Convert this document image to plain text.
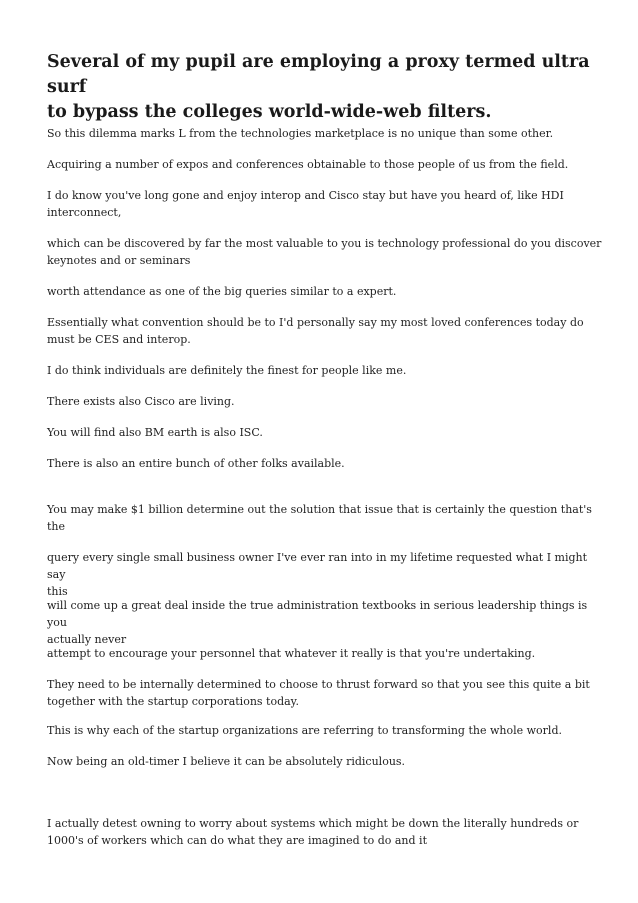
Several of my pupil are employing a proxy termed ultra surf
to bypass the colleges world-wide-web filters.
So this dilemma marks L from the technologies marketplace is no unique than some other.
Acquiring a number of expos and conferences obtainable to those people of us from the field.
I do know you've long gone and enjoy interop and Cisco stay but have you heard of, like HDI
interconnect,
which can be discovered by far the most valuable to you is technology professional do you discover
keynotes and or seminars
worth attendance as one of the big queries similar to a expert.
Essentially what convention should be to I'd personally say my most loved conferences today do
must be CES and interop.
I do think individuals are definitely the finest for people like me.
There exists also Cisco are living.
You will find also BM earth is also ISC.
There is also an entire bunch of other folks available.
You may make $1 billion determine out the solution that issue that is certainly the question that's
the
query every single small business owner I've ever ran into in my lifetime requested what I might say
this
will come up a great deal inside the true administration textbooks in serious leadership things is you
actually never
attempt to encourage your personnel that whatever it really is that you're undertaking.
They need to be internally determined to choose to thrust forward so that you see this quite a bit
together with the startup corporations today.
This is why each of the startup organizations are referring to transforming the whole world.
Now being an old-timer I believe it can be absolutely ridiculous.
I actually detest owning to worry about systems which might be down the literally hundreds or
1000's of workers which can do what they are imagined to do and it
